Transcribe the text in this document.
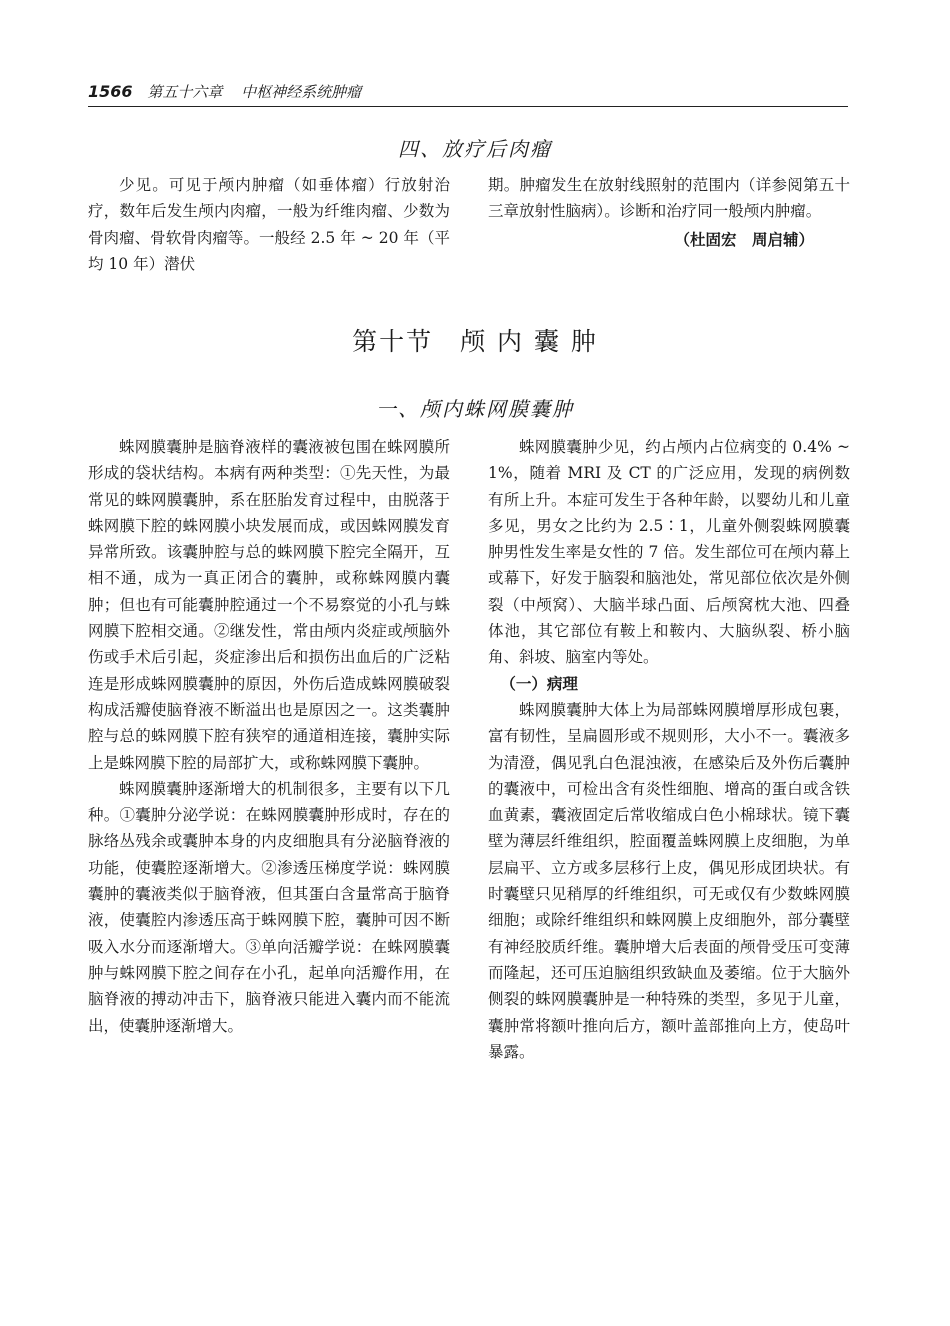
1566 第五十六章 中枢神经系统肿瘤
四、放疗后肉瘤

少见。可见于颅内肿瘤（如垂体瘤）行放射治疗，数年后发生颅内肉瘤，一般为纤维肉瘤、少数为骨肉瘤、骨软骨肉瘤等。一般经 2.5 年 ~ 20 年（平均 10 年）潜伏

期。肿瘤发生在放射线照射的范围内（详参阅第五十三章放射性脑病）。诊断和治疗同一般颅内肿瘤。

（杜固宏　周启辅）

第十节　颅 内 囊 肿
一、颅内蛛网膜囊肿

蛛网膜囊肿是脑脊液样的囊液被包围在蛛网膜所形成的袋状结构。本病有两种类型：①先天性，为最常见的蛛网膜囊肿，系在胚胎发育过程中，由脱落于蛛网膜下腔的蛛网膜小块发展而成，或因蛛网膜发育异常所致。该囊肿腔与总的蛛网膜下腔完全隔开，互相不通，成为一真正闭合的囊肿，或称蛛网膜内囊肿；但也有可能囊肿腔通过一个不易察觉的小孔与蛛网膜下腔相交通。②继发性，常由颅内炎症或颅脑外伤或手术后引起，炎症渗出后和损伤出血后的广泛粘连是形成蛛网膜囊肿的原因，外伤后造成蛛网膜破裂构成活瓣使脑脊液不断溢出也是原因之一。这类囊肿腔与总的蛛网膜下腔有狭窄的通道相连接，囊肿实际上是蛛网膜下腔的局部扩大，或称蛛网膜下囊肿。

蛛网膜囊肿逐渐增大的机制很多，主要有以下几种。①囊肿分泌学说：在蛛网膜囊肿形成时，存在的脉络丛残余或囊肿本身的内皮细胞具有分泌脑脊液的功能，使囊腔逐渐增大。②渗透压梯度学说：蛛网膜囊肿的囊液类似于脑脊液，但其蛋白含量常高于脑脊液，使囊腔内渗透压高于蛛网膜下腔，囊肿可因不断吸入水分而逐渐增大。③单向活瓣学说：在蛛网膜囊肿与蛛网膜下腔之间存在小孔，起单向活瓣作用，在脑脊液的搏动冲击下，脑脊液只能进入囊内而不能流出，使囊肿逐渐增大。

蛛网膜囊肿少见，约占颅内占位病变的 0.4% ~ 1%，随着 MRI 及 CT 的广泛应用，发现的病例数有所上升。本症可发生于各种年龄，以婴幼儿和儿童多见，男女之比约为 2.5∶1，儿童外侧裂蛛网膜囊肿男性发生率是女性的 7 倍。发生部位可在颅内幕上或幕下，好发于脑裂和脑池处，常见部位依次是外侧裂（中颅窝）、大脑半球凸面、后颅窝枕大池、四叠体池，其它部位有鞍上和鞍内、大脑纵裂、桥小脑角、斜坡、脑室内等处。

（一）病理

蛛网膜囊肿大体上为局部蛛网膜增厚形成包裹，富有韧性，呈扁圆形或不规则形，大小不一。囊液多为清澄，偶见乳白色混浊液，在感染后及外伤后囊肿的囊液中，可检出含有炎性细胞、增高的蛋白或含铁血黄素，囊液固定后常收缩成白色小棉球状。镜下囊壁为薄层纤维组织，腔面覆盖蛛网膜上皮细胞，为单层扁平、立方或多层移行上皮，偶见形成团块状。有时囊壁只见稍厚的纤维组织，可无或仅有少数蛛网膜细胞；或除纤维组织和蛛网膜上皮细胞外，部分囊壁有神经胶质纤维。囊肿增大后表面的颅骨受压可变薄而隆起，还可压迫脑组织致缺血及萎缩。位于大脑外侧裂的蛛网膜囊肿是一种特殊的类型，多见于儿童，囊肿常将额叶推向后方，额叶盖部推向上方，使岛叶暴露。
